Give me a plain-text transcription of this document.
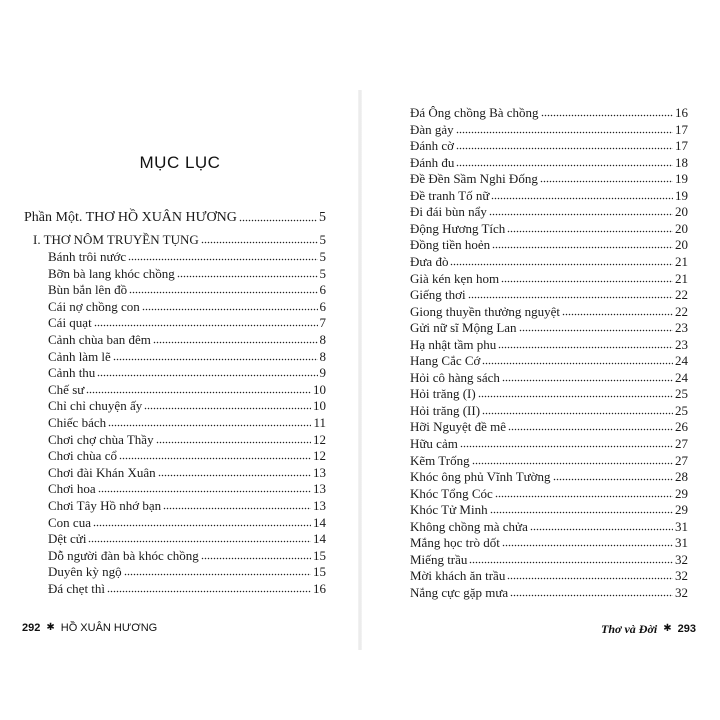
MỤC LỤC
Phần Một. THƠ HỒ XUÂN HƯƠNG	5
I. THƠ NÔM TRUYỀN TỤNG	5
Bánh trôi nước	5
Bỡn bà lang khóc chồng	5
Bùn bắn lên đồ	6
Cái nợ chồng con	6
Cái quạt	7
Cảnh chùa ban đêm	8
Cảnh làm lẽ	8
Cảnh thu	9
Chế sư	10
Chỉ chỉ chuyện ấy	10
Chiếc bách	11
Chơi chợ chùa Thầy	12
Chơi chùa cổ	12
Chơi đài Khán Xuân	13
Chơi hoa	13
Chơi Tây Hồ nhớ bạn	13
Con cua	14
Dệt cửi	14
Dỗ người đàn bà khóc chồng	15
Duyên kỳ ngộ	15
Đá chẹt thì	16
292 ✱ HỒ XUÂN HƯƠNG
Đá Ông chồng Bà chồng	16
Đàn gảy	17
Đánh cờ	17
Đánh đu	18
Đề Đền Sầm Nghi Đống	19
Đề tranh Tố nữ	19
Đi đái bùn nẩy	20
Động Hương Tích	20
Đồng tiền hoẻn	20
Đưa đò	21
Già kén kẹn hom	21
Giếng thơi	22
Giong thuyền thưởng nguyệt	22
Gửi nữ sĩ Mộng Lan	23
Hạ nhật tầm phu	23
Hang Cắc Cớ	24
Hỏi cô hàng sách	24
Hỏi trăng (I)	25
Hỏi trăng (II)	25
Hỡi Nguyệt đề mê	26
Hữu cảm	27
Kẽm Trống	27
Khóc ông phủ Vĩnh Tường	28
Khóc Tổng Cóc	29
Khóc Tử Minh	29
Không chồng mà chửa	31
Mắng học trò dốt	31
Miếng trầu	32
Mời khách ăn trầu	32
Nắng cực gặp mưa	32
Thơ và Đời ✱ 293
